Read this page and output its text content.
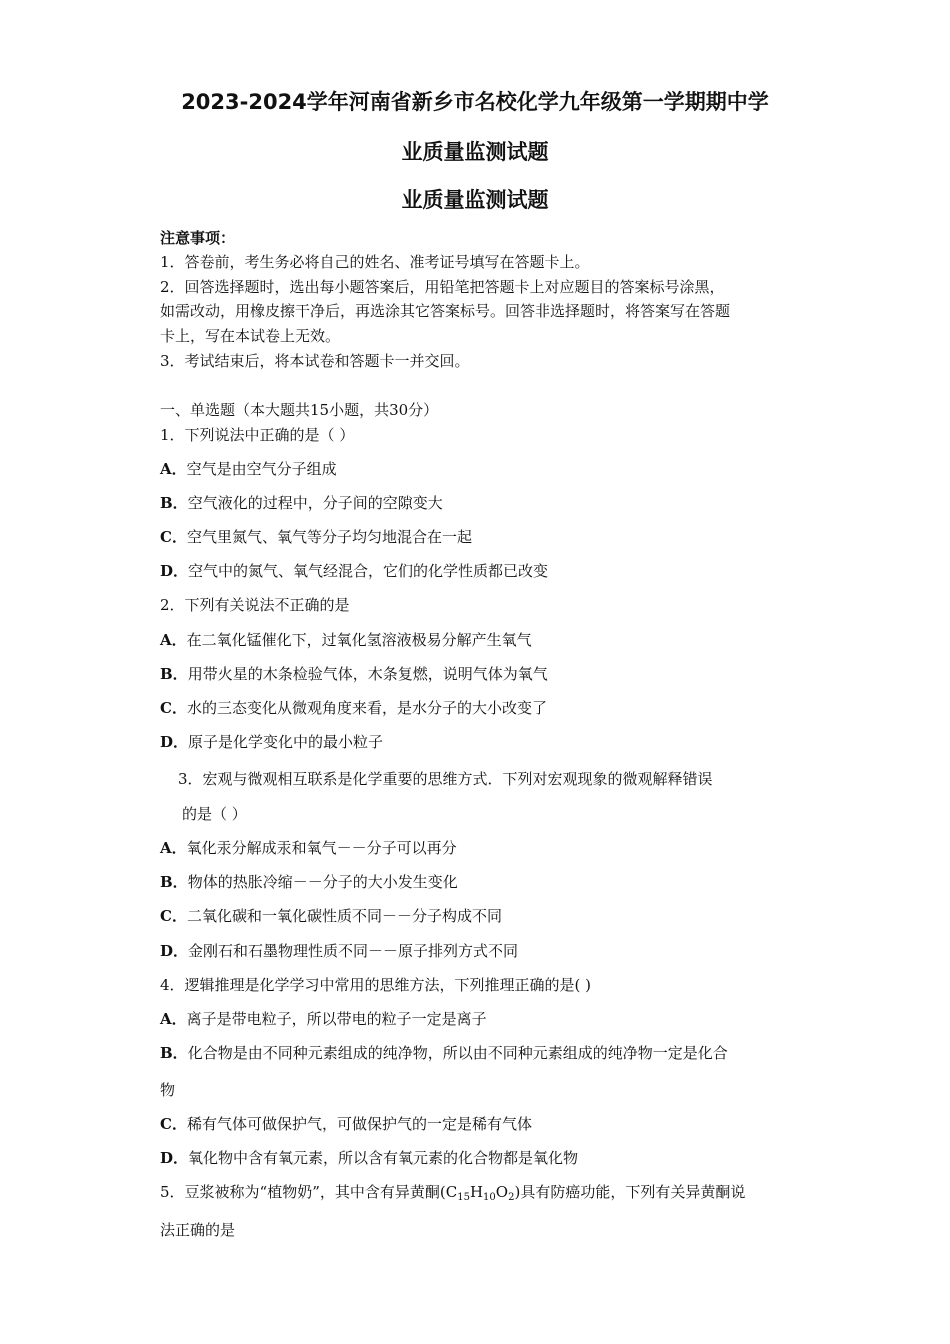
2023-2024学年河南省新乡市名校化学九年级第一学期期中学
业质量监测试题
业质量监测试题
注意事项：
1．答卷前，考生务必将自己的姓名、准考证号填写在答题卡上。
2．回答选择题时，选出每小题答案后，用铅笔把答题卡上对应题目的答案标号涂黑，
如需改动，用橡皮擦干净后，再选涂其它答案标号。回答非选择题时，将答案写在答题
卡上，写在本试卷上无效。
3．考试结束后，将本试卷和答题卡一并交回。
一、单选题（本大题共15小题，共30分）
1．下列说法中正确的是（ ）
A．空气是由空气分子组成
B．空气液化的过程中，分子间的空隙变大
C．空气里氮气、氧气等分子均匀地混合在一起
D．空气中的氮气、氧气经混合，它们的化学性质都已改变
2．下列有关说法不正确的是
A．在二氧化锰催化下，过氧化氢溶液极易分解产生氧气
B．用带火星的木条检验气体，木条复燃，说明气体为氧气
C．水的三态变化从微观角度来看，是水分子的大小改变了
D．原子是化学变化中的最小粒子
3．宏观与微观相互联系是化学重要的思维方式．下列对宏观现象的微观解释错误
的是（ ）
A．氧化汞分解成汞和氧气－－分子可以再分
B．物体的热胀冷缩－－分子的大小发生变化
C．二氧化碳和一氧化碳性质不同－－分子构成不同
D．金刚石和石墨物理性质不同－－原子排列方式不同
4．逻辑推理是化学学习中常用的思维方法，下列推理正确的是( )
A．离子是带电粒子，所以带电的粒子一定是离子
B．化合物是由不同种元素组成的纯净物，所以由不同种元素组成的纯净物一定是化合
物
C．稀有气体可做保护气，可做保护气的一定是稀有气体
D．氧化物中含有氧元素，所以含有氧元素的化合物都是氧化物
5．豆浆被称为“植物奶”，其中含有异黄酮$(C_{15}H_{10}O_2)$具有防癌功能，下列有关异黄酮说
法正确的是
